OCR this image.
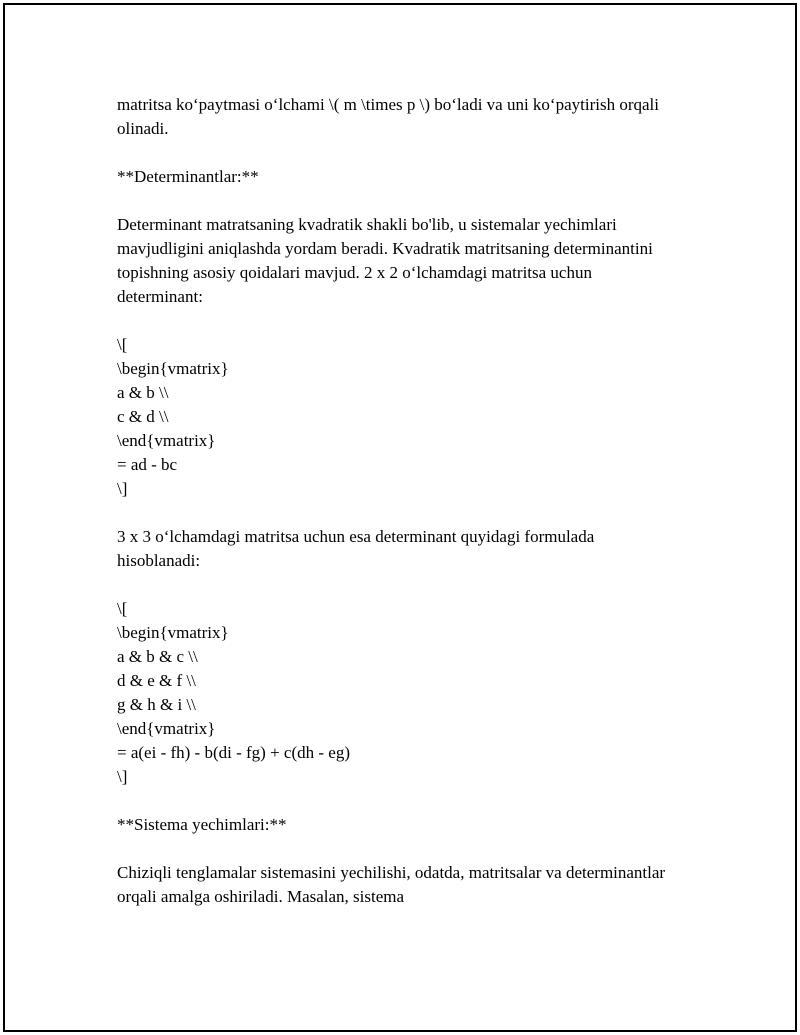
matritsa ko‘paytmasi o‘lchami \( m \times p \) bo‘ladi va uni ko‘paytirish orqali olinadi.

**Determinantlar:**

Determinant matratsaning kvadratik shakli bo'lib, u sistemalar yechimlari mavjudligini aniqlashda yordam beradi. Kvadratik matritsaning determinantini topishning asosiy qoidalari mavjud. 2 x 2 o‘lchamdagi matritsa uchun determinant:

\[

\begin{vmatrix}

a & b \\

c & d \\

\end{vmatrix}

= ad - bc

\]

3 x 3 o‘lchamdagi matritsa uchun esa determinant quyidagi formulada hisoblanadi:

\[

\begin{vmatrix}

a & b & c \\

d & e & f \\

g & h & i \\

\end{vmatrix}

= a(ei - fh) - b(di - fg) + c(dh - eg)

\]

**Sistema yechimlari:**

Chiziqli tenglamalar sistemasini yechilishi, odatda, matritsalar va determinantlar orqali amalga oshiriladi. Masalan, sistema
